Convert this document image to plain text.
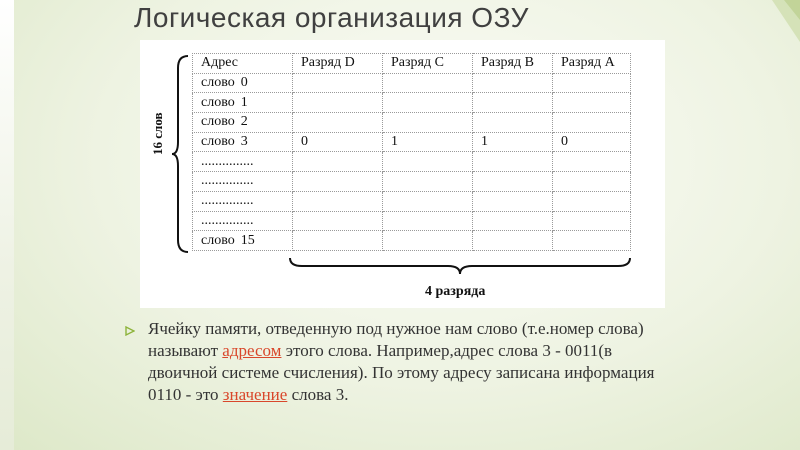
Логическая организация ОЗУ
16 слов
Адрес	Разряд D	Разряд C	Разряд B	Разряд A
слово 0				
слово 1				
слово 2				
слово 3	0	1	1	0
...............				
...............				
...............				
...............				
слово 15				
4 разряда
Ячейку памяти, отведенную под нужное нам слово (т.е.номер слова) называют адресом этого слова. Например,адрес слова 3 - 0011(в двоичной системе счисления). По этому адресу записана информация 0110 - это значение слова 3.
